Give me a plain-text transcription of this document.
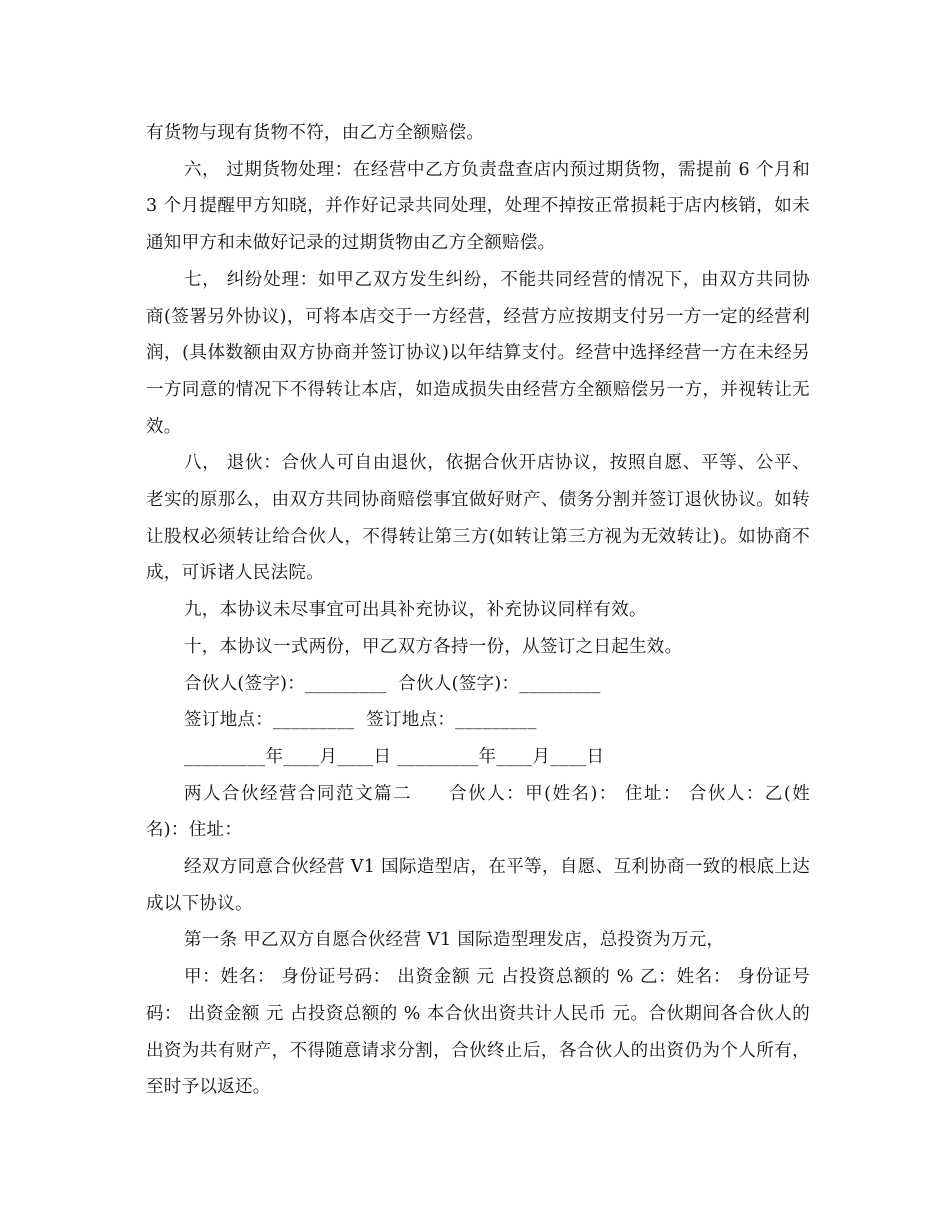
有货物与现有货物不符，由乙方全额赔偿。

六， 过期货物处理：在经营中乙方负责盘查店内预过期货物，需提前 6 个月和 3 个月提醒甲方知晓，并作好记录共同处理，处理不掉按正常损耗于店内核销，如未通知甲方和未做好记录的过期货物由乙方全额赔偿。

七， 纠纷处理：如甲乙双方发生纠纷，不能共同经营的情况下，由双方共同协商(签署另外协议)，可将本店交于一方经营，经营方应按期支付另一方一定的经营利润，(具体数额由双方协商并签订协议)以年结算支付。经营中选择经营一方在未经另一方同意的情况下不得转让本店，如造成损失由经营方全额赔偿另一方，并视转让无效。

八， 退伙：合伙人可自由退伙，依据合伙开店协议，按照自愿、平等、公平、老实的原那么，由双方共同协商赔偿事宜做好财产、债务分割并签订退伙协议。如转让股权必须转让给合伙人，不得转让第三方(如转让第三方视为无效转让)。如协商不成，可诉诸人民法院。

九，本协议未尽事宜可出具补充协议，补充协议同样有效。

十，本协议一式两份，甲乙双方各持一份，从签订之日起生效。

合伙人(签字)：_________  合伙人(签字)：_________

签订地点：_________  签订地点：_________

_________年____月____日 _________年____月____日

两人合伙经营合同范文篇二 合伙人：甲(姓名)： 住址： 合伙人：乙(姓名)：住址：

经双方同意合伙经营 V1 国际造型店，在平等，自愿、互利协商一致的根底上达成以下协议。

第一条 甲乙双方自愿合伙经营 V1 国际造型理发店，总投资为万元，

甲：姓名： 身份证号码： 出资金额 元 占投资总额的 % 乙：姓名： 身份证号码： 出资金额 元 占投资总额的 % 本合伙出资共计人民币 元。合伙期间各合伙人的出资为共有财产，不得随意请求分割，合伙终止后，各合伙人的出资仍为个人所有，至时予以返还。
